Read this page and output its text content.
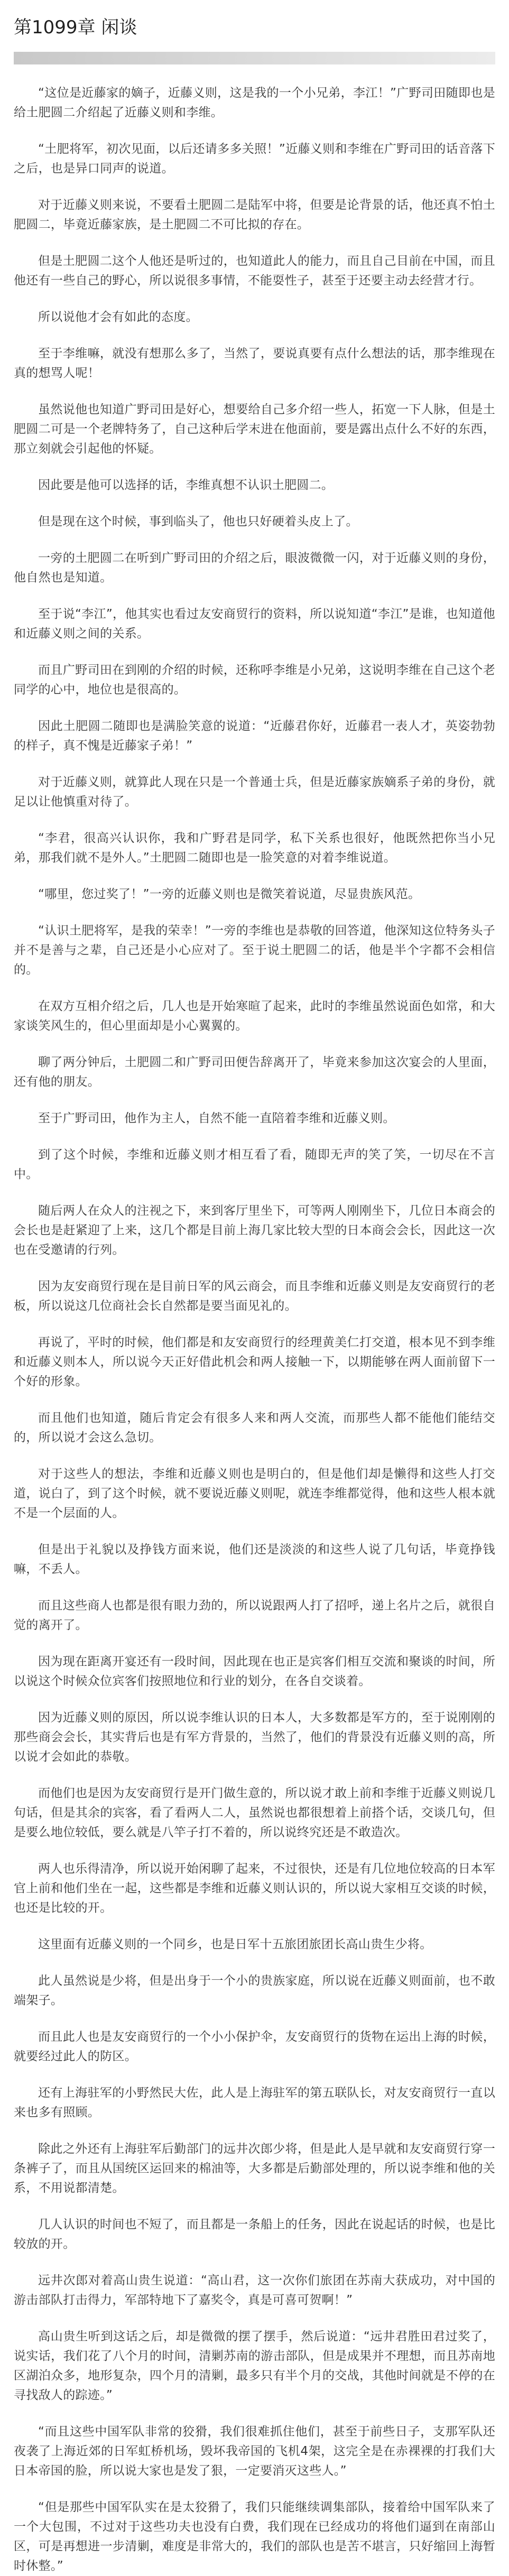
第1099章 闲谈

“这位是近藤家的嫡子，近藤义则，这是我的一个小兄弟，李江！”广野司田随即也是给土肥圆二介绍起了近藤义则和李维。

“土肥将军，初次见面，以后还请多多关照！”近藤义则和李维在广野司田的话音落下之后，也是异口同声的说道。

对于近藤义则来说，不要看土肥圆二是陆军中将，但要是论背景的话，他还真不怕土肥圆二，毕竟近藤家族，是土肥圆二不可比拟的存在。

但是土肥圆二这个人他还是听过的，也知道此人的能力，而且自己目前在中国，而且他还有一些自己的野心，所以说很多事情，不能耍性子，甚至于还要主动去经营才行。

所以说他才会有如此的态度。

至于李维嘛，就没有想那么多了，当然了，要说真要有点什么想法的话，那李维现在真的想骂人呢！

虽然说他也知道广野司田是好心，想要给自己多介绍一些人，拓宽一下人脉，但是土肥圆二可是一个老牌特务了，自己这种后学末进在他面前，要是露出点什么不好的东西，那立刻就会引起他的怀疑。

因此要是他可以选择的话，李维真想不认识土肥圆二。

但是现在这个时候，事到临头了，他也只好硬着头皮上了。

一旁的土肥圆二在听到广野司田的介绍之后，眼波微微一闪，对于近藤义则的身份，他自然也是知道。

至于说“李江”，他其实也看过友安商贸行的资料，所以说知道“李江”是谁，也知道他和近藤义则之间的关系。

而且广野司田在到刚的介绍的时候，还称呼李维是小兄弟，这说明李维在自己这个老同学的心中，地位也是很高的。

因此土肥圆二随即也是满脸笑意的说道：“近藤君你好，近藤君一表人才，英姿勃勃的样子，真不愧是近藤家子弟！”

对于近藤义则，就算此人现在只是一个普通士兵，但是近藤家族嫡系子弟的身份，就足以让他慎重对待了。

“李君，很高兴认识你，我和广野君是同学，私下关系也很好，他既然把你当小兄弟，那我们就不是外人。”土肥圆二随即也是一脸笑意的对着李维说道。

“哪里，您过奖了！”一旁的近藤义则也是微笑着说道，尽显贵族风范。

“认识土肥将军，是我的荣幸！”一旁的李维也是恭敬的回答道，他深知这位特务头子并不是善与之辈，自己还是小心应对了。至于说土肥圆二的话，他是半个字都不会相信的。

在双方互相介绍之后，几人也是开始寒暄了起来，此时的李维虽然说面色如常，和大家谈笑风生的，但心里面却是小心翼翼的。

聊了两分钟后，土肥圆二和广野司田便告辞离开了，毕竟来参加这次宴会的人里面，还有他的朋友。

至于广野司田，他作为主人，自然不能一直陪着李维和近藤义则。

到了这个时候，李维和近藤义则才相互看了看，随即无声的笑了笑，一切尽在不言中。

随后两人在众人的注视之下，来到客厅里坐下，可等两人刚刚坐下，几位日本商会的会长也是赶紧迎了上来，这几个都是目前上海几家比较大型的日本商会会长，因此这一次也在受邀请的行列。

因为友安商贸行现在是目前日军的风云商会，而且李维和近藤义则是友安商贸行的老板，所以说这几位商社会长自然都是要当面见礼的。

再说了，平时的时候，他们都是和友安商贸行的经理黄美仁打交道，根本见不到李维和近藤义则本人，所以说今天正好借此机会和两人接触一下，以期能够在两人面前留下一个好的形象。

而且他们也知道，随后肯定会有很多人来和两人交流，而那些人都不能他们能结交的，所以说才会这么急切。

对于这些人的想法，李维和近藤义则也是明白的，但是他们却是懒得和这些人打交道，说白了，到了这个时候，就不要说近藤义则呢，就连李维都觉得，他和这些人根本就不是一个层面的人。

但是出于礼貌以及挣钱方面来说，他们还是淡淡的和这些人说了几句话，毕竟挣钱嘛，不丢人。

而且这些商人也都是很有眼力劲的，所以说跟两人打了招呼，递上名片之后，就很自觉的离开了。

因为现在距离开宴还有一段时间，因此现在也正是宾客们相互交流和聚谈的时间，所以说这个时候众位宾客们按照地位和行业的划分，在各自交谈着。

因为近藤义则的原因，所以说李维认识的日本人，大多数都是军方的，至于说刚刚的那些商会会长，其实背后也是有军方背景的，当然了，他们的背景没有近藤义则的高，所以说才会如此的恭敬。

而他们也是因为友安商贸行是开门做生意的，所以说才敢上前和李维于近藤义则说几句话，但是其余的宾客，看了看两人二人，虽然说也都很想着上前搭个话，交谈几句，但是要么地位较低，要么就是八竿子打不着的，所以说终究还是不敢造次。

两人也乐得清净，所以说开始闲聊了起来，不过很快，还是有几位地位较高的日本军官上前和他们坐在一起，这些都是李维和近藤义则认识的，所以说大家相互交谈的时候，也还是比较的开。

这里面有近藤义则的一个同乡，也是日军十五旅团旅团长高山贵生少将。

此人虽然说是少将，但是出身于一个小的贵族家庭，所以说在近藤义则面前，也不敢端架子。

而且此人也是友安商贸行的一个小小保护伞，友安商贸行的货物在运出上海的时候，就要经过此人的防区。

还有上海驻军的小野然民大佐，此人是上海驻军的第五联队长，对友安商贸行一直以来也多有照顾。

除此之外还有上海驻军后勤部门的远井次郎少将，但是此人是早就和友安商贸行穿一条裤子了，而且从国统区运回来的棉油等，大多都是后勤部处理的，所以说李维和他的关系，不用说都清楚。

几人认识的时间也不短了，而且都是一条船上的任务，因此在说起话的时候，也是比较放的开。

远井次郎对着高山贵生说道：“高山君，这一次你们旅团在苏南大获成功，对中国的游击部队打击得力，军部特地下了嘉奖令，真是可喜可贺啊！”

高山贵生听到这话之后，却是微微的摆了摆手，然后说道：“远井君胜田君过奖了，说实话，我们花了八个月的时间，清剿苏南的游击部队，但是成果并不理想，而且苏南地区湖泊众多，地形复杂，四个月的清剿，最多只有半个月的交战，其他时间就是不停的在寻找敌人的踪迹。”

“而且这些中国军队非常的狡猾，我们很难抓住他们，甚至于前些日子，支那军队还夜袭了上海近郊的日军虹桥机场，毁坏我帝国的飞机4架，这完全是在赤裸裸的打我们大日本帝国的脸，所以说大家也是发了狠，一定要消灭这些人。”

“但是那些中国军队实在是太狡猾了，我们只能继续调集部队，接着给中国军队来了一个大包围，不过对于这些功夫也没有白费，我们现在已经成功的将他们逼到在南部山区，可是再想进一步清剿，难度是非常大的，我们的部队也是苦不堪言，只好缩回上海暂时休整。”
